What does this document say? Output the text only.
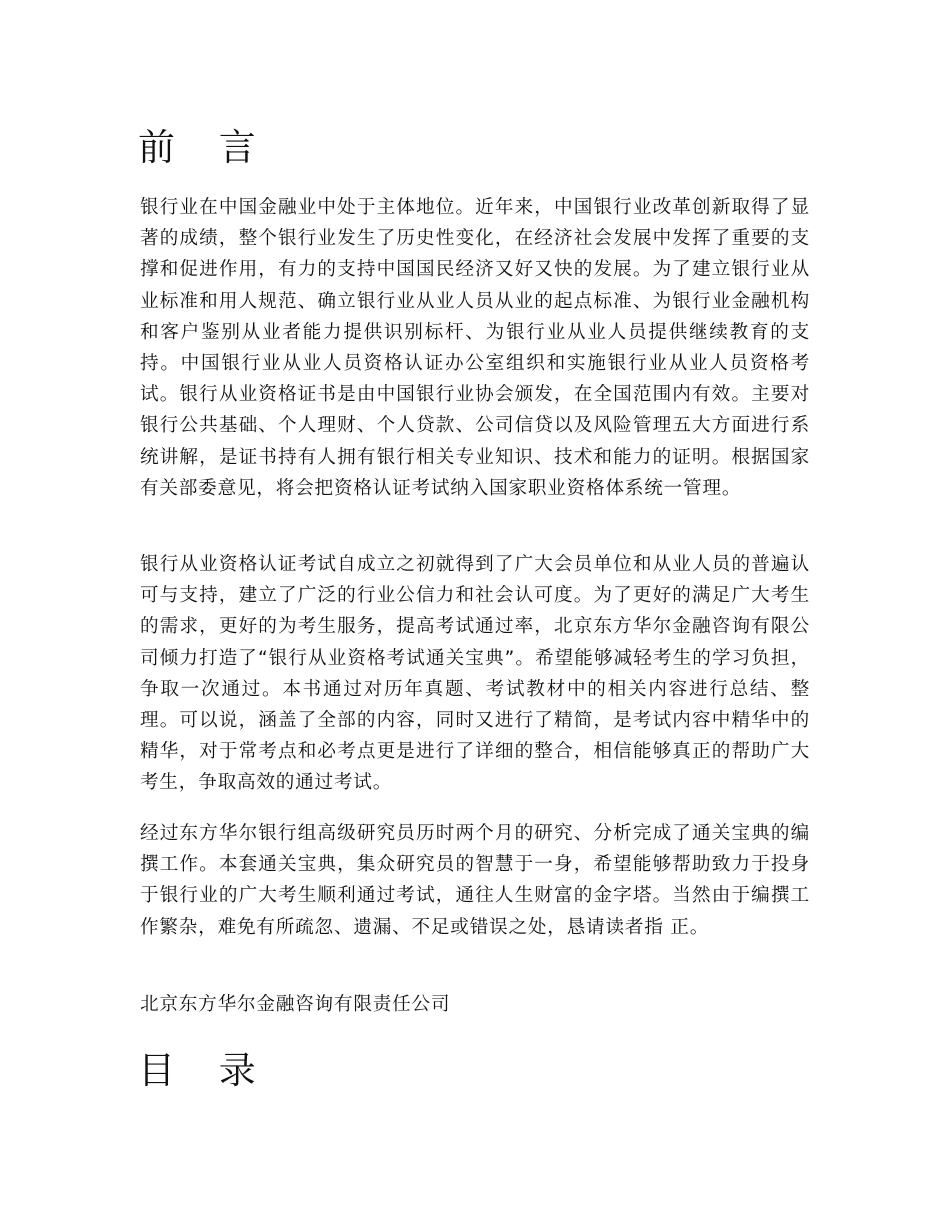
前 言

银行业在中国金融业中处于主体地位。近年来，中国银行业改革创新取得了显著的成绩，整个银行业发生了历史性变化，在经济社会发展中发挥了重要的支撑和促进作用，有力的支持中国国民经济又好又快的发展。为了建立银行业从业标准和用人规范、确立银行业从业人员从业的起点标准、为银行业金融机构和客户鉴别从业者能力提供识别标杆、为银行业从业人员提供继续教育的支持。中国银行业从业人员资格认证办公室组织和实施银行业从业人员资格考试。银行从业资格证书是由中国银行业协会颁发，在全国范围内有效。主要对银行公共基础、个人理财、个人贷款、公司信贷以及风险管理五大方面进行系统讲解，是证书持有人拥有银行相关专业知识、技术和能力的证明。根据国家有关部委意见，将会把资格认证考试纳入国家职业资格体系统一管理。

银行从业资格认证考试自成立之初就得到了广大会员单位和从业人员的普遍认可与支持，建立了广泛的行业公信力和社会认可度。为了更好的满足广大考生的需求，更好的为考生服务，提高考试通过率，北京东方华尔金融咨询有限公司倾力打造了“银行从业资格考试通关宝典”。希望能够减轻考生的学习负担，争取一次通过。本书通过对历年真题、考试教材中的相关内容进行总结、整理。可以说，涵盖了全部的内容，同时又进行了精简，是考试内容中精华中的精华，对于常考点和必考点更是进行了详细的整合，相信能够真正的帮助广大考生，争取高效的通过考试。

经过东方华尔银行组高级研究员历时两个月的研究、分析完成了通关宝典的编撰工作。本套通关宝典，集众研究员的智慧于一身，希望能够帮助致力于投身于银行业的广大考生顺利通过考试，通往人生财富的金字塔。当然由于编撰工作繁杂，难免有所疏忽、遗漏、不足或错误之处，恳请读者指 正。

北京东方华尔金融咨询有限责任公司

目 录
